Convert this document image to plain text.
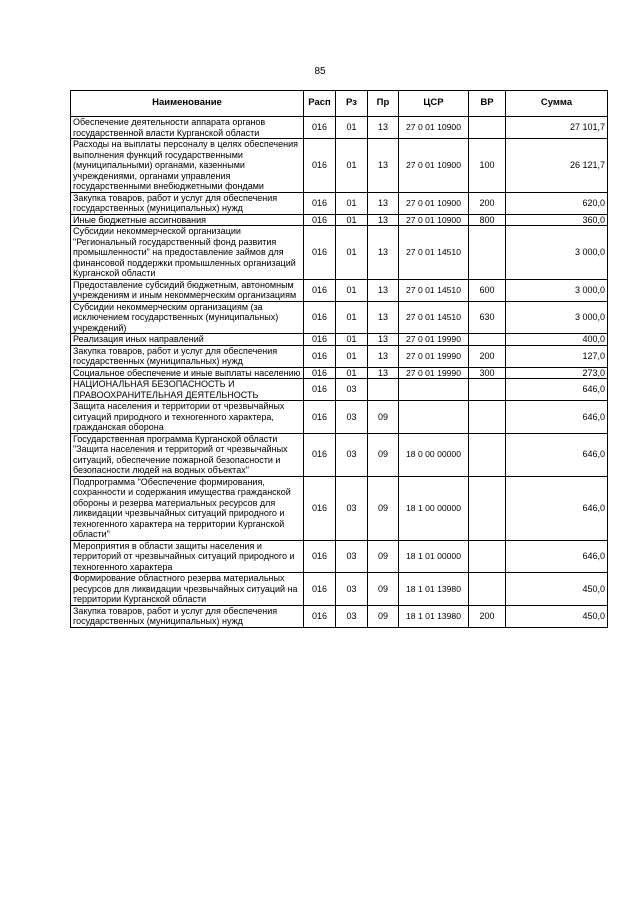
85
Наименование	Расп	Рз	Пр	ЦСР	ВР	Сумма
Обеспечение деятельности аппарата органов государственной власти Курганской области	016	01	13	27 0 01 10900		27 101,7
Расходы на выплаты персоналу в целях обеспечения выполнения функций государственными (муниципальными) органами, казенными учреждениями, органами управления государственными внебюджетными фондами	016	01	13	27 0 01 10900	100	26 121,7
Закупка товаров, работ и услуг для обеспечения государственных (муниципальных) нужд	016	01	13	27 0 01 10900	200	620,0
Иные бюджетные ассигнования	016	01	13	27 0 01 10900	800	360,0
Субсидии некоммерческой организации "Региональный государственный фонд развития промышленности" на предоставление займов для финансовой поддержки промышленных организаций Курганской области	016	01	13	27 0 01 14510		3 000,0
Предоставление субсидий бюджетным, автономным учреждениям и иным некоммерческим организациям	016	01	13	27 0 01 14510	600	3 000,0
Субсидии некоммерческим организациям (за исключением государственных (муниципальных) учреждений)	016	01	13	27 0 01 14510	630	3 000,0
Реализация иных направлений	016	01	13	27 0 01 19990		400,0
Закупка товаров, работ и услуг для обеспечения государственных (муниципальных) нужд	016	01	13	27 0 01 19990	200	127,0
Социальное обеспечение и иные выплаты населению	016	01	13	27 0 01 19990	300	273,0
НАЦИОНАЛЬНАЯ БЕЗОПАСНОСТЬ И ПРАВООХРАНИТЕЛЬНАЯ ДЕЯТЕЛЬНОСТЬ	016	03				646,0
Защита населения и территории от чрезвычайных ситуаций природного и техногенного характера, гражданская оборона	016	03	09			646,0
Государственная программа Курганской области "Защита населения и территорий от чрезвычайных ситуаций, обеспечение пожарной безопасности и безопасности людей на водных объектах"	016	03	09	18 0 00 00000		646,0
Подпрограмма "Обеспечение формирования, сохранности и содержания имущества гражданской обороны и резерва материальных ресурсов для ликвидации чрезвычайных ситуаций природного и техногенного характера на территории Курганской области"	016	03	09	18 1 00 00000		646,0
Мероприятия в области защиты населения и территорий от чрезвычайных ситуаций природного и техногенного характера	016	03	09	18 1 01 00000		646,0
Формирование областного резерва материальных ресурсов для ликвидации чрезвычайных ситуаций на территории Курганской области	016	03	09	18 1 01 13980		450,0
Закупка товаров, работ и услуг для обеспечения государственных (муниципальных) нужд	016	03	09	18 1 01 13980	200	450,0
